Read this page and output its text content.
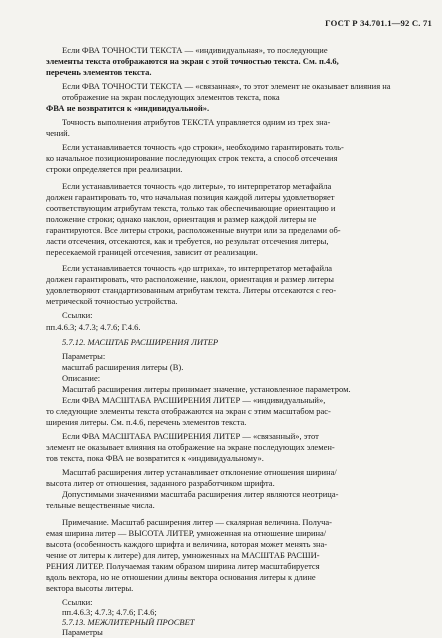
ГОСТ Р 34.701.1—92 С. 71

Если ФВА ТОЧНОСТИ ТЕКСТА — «индивидуальная», то последующие

элементы текста отображаются на экран с этой точностью текста. См. п.4.6,

перечень элементов текста.

Если ФВА ТОЧНОСТИ ТЕКСТА — «связанная», то этот элемент не оказывает влияния на отображение на экран последующих элементов текста, пока

ФВА не возвратится к «индивидуальной».

Точность выполнения атрибутов ТЕКСТА управляется одним из трех зна-

чений.

Если устанавливается точность «до строки», необходимо гарантировать толь-

ко начальное позиционирование последующих строк текста, а способ отсечения

строки определяется при реализации.

Если устанавливается точность «до литеры», то интерпретатор метафайла

должен гарантировать то, что начальная позиция каждой литеры удовлетворяет

соответствующим атрибутам текста, только так обеспечивающие ориентацию и

положение строки; однако наклон, ориентация и размер каждой литеры не

гарантируются. Все литеры строки, расположенные внутри или за пределами об-

ласти отсечения, отсекаются, как и требуется, но результат отсечения литеры,

пересекаемой границей отсечения, зависит от реализации.

Если устанавливается точность «до штриха», то интерпретатор метафайла

должен гарантировать, что расположение, наклон, ориентация и размер литеры

удовлетворяют стандартизованным атрибутам текста. Литеры отсекаются с гео-

метрической точностью устройства.

Ссылки:

пп.4.6.3; 4.7.3; 4.7.6; Г.4.6.

5.7.12. МАСШТАБ РАСШИРЕНИЯ ЛИТЕР

Параметры:

масштаб расширения литеры (В).

Описание:

Масштаб расширения литеры принимает значение, установленное параметром.

Если ФВА МАСШТАБА РАСШИРЕНИЯ ЛИТЕР — «индивидуальный»,

то следующие элементы текста отображаются на экран с этим масштабом рас-

ширения литеры. См. п.4.6, перечень элементов текста.

Если ФВА МАСШТАБА РАСШИРЕНИЯ ЛИТЕР — «связанный», этот

элемент не оказывает влияния на отображение на экране последующих элемен-

тов текста, пока ФВА не возвратится к «индивидуальному».

Масштаб расширения литер устанавливает отклонение отношения ширина/

высота литер от отношения, заданного разработчиком шрифта.

Допустимыми значениями масштаба расширения литер являются неотрица-

тельные вещественные числа.

Примечание. Масштаб расширения литер — скалярная величина. Получа-

емая ширина литер — ВЫСОТА ЛИТЕР, умноженная на отношение ширина/

высота (особенность каждого шрифта и величина, которая может менять зна-

чение от литеры к литере) для литер, умноженных на МАСШТАБ РАСШИ-

РЕНИЯ ЛИТЕР. Получаемая таким образом ширина литер масштабируется

вдоль вектора, но не отношении длины вектора основания литеры к длине

вектора высоты литеры.

Ссылки:

пп.4.6.3; 4.7.3; 4.7.6; Г.4.6;

5.7.13. МЕЖЛИТЕРНЫЙ ПРОСВЕТ

Параметры
